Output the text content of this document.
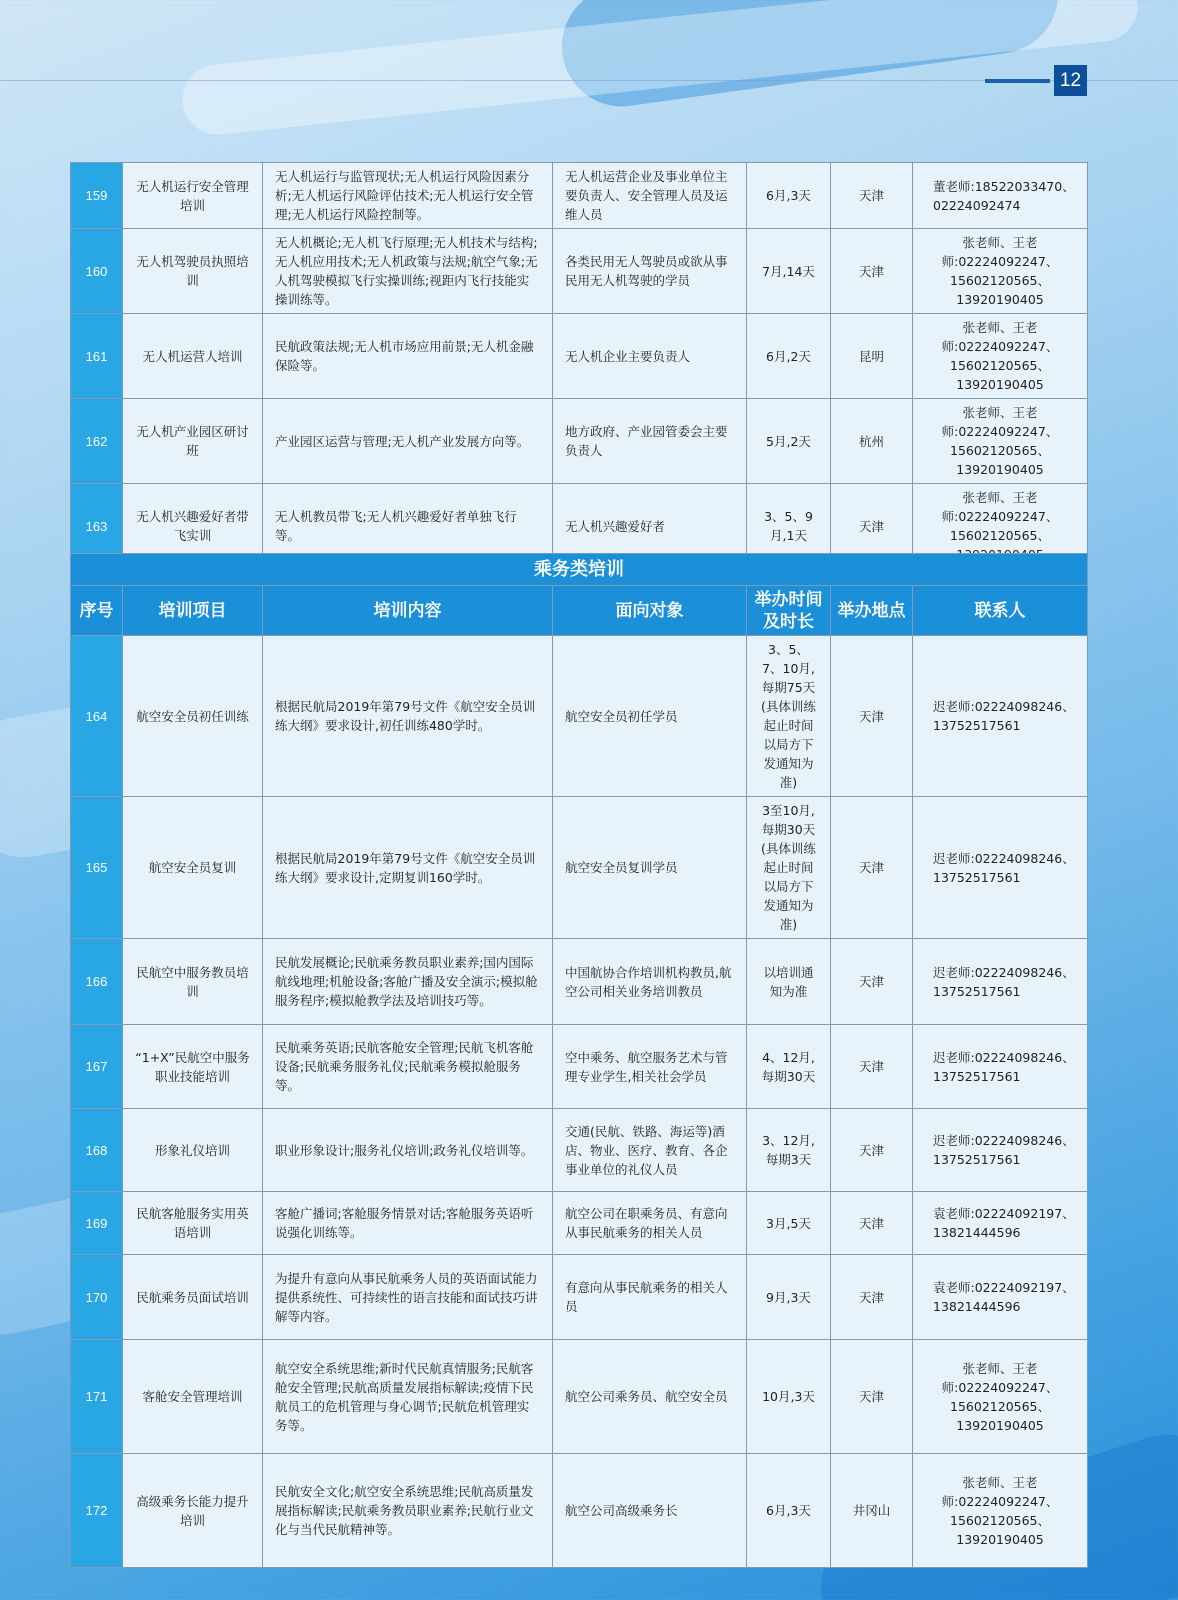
12
159	无人机运行安全管理培训	无人机运行与监管现状;无人机运行风险因素分析;无人机运行风险评估技术;无人机运行安全管理;无人机运行风险控制等。	无人机运营企业及事业单位主要负责人、安全管理人员及运维人员	6月,3天	天津	董老师:18522033470、02224092474
160	无人机驾驶员执照培训	无人机概论;无人机飞行原理;无人机技术与结构;无人机应用技术;无人机政策与法规;航空气象;无人机驾驶模拟飞行实操训练;视距内飞行技能实操训练等。	各类民用无人驾驶员或欲从事民用无人机驾驶的学员	7月,14天	天津	张老师、王老师:02224092247、15602120565、13920190405
161	无人机运营人培训	民航政策法规;无人机市场应用前景;无人机金融保险等。	无人机企业主要负责人	6月,2天	昆明	张老师、王老师:02224092247、15602120565、13920190405
162	无人机产业园区研讨班	产业园区运营与管理;无人机产业发展方向等。	地方政府、产业园管委会主要负责人	5月,2天	杭州	张老师、王老师:02224092247、15602120565、13920190405
163	无人机兴趣爱好者带飞实训	无人机教员带飞;无人机兴趣爱好者单独飞行等。	无人机兴趣爱好者	3、5、9月,1天	天津	张老师、王老师:02224092247、15602120565、
乘务类培训						
序号	培训项目	培训内容	面向对象	举办时间及时长	举办地点	联系人
164	航空安全员初任训练	根据民航局2019年第79号文件《航空安全员训练大纲》要求设计,初任训练480学时。	航空安全员初任学员	3、5、7、10月,每期75天(具体训练起止时间以局方下发通知为准)	天津	迟老师:02224098246、13752517561
165	航空安全员复训	根据民航局2019年第79号文件《航空安全员训练大纲》要求设计,定期复训160学时。	航空安全员复训学员	3至10月,每期30天(具体训练起止时间以局方下发通知为准)	天津	迟老师:02224098246、13752517561
166	民航空中服务教员培训	民航发展概论;民航乘务教员职业素养;国内国际航线地理;机舱设备;客舱广播及安全演示;模拟舱服务程序;模拟舱教学法及培训技巧等。	中国航协合作培训机构教员,航空公司相关业务培训教员	以培训通知为准	天津	迟老师:02224098246、13752517561
167	“1+X”民航空中服务职业技能培训	民航乘务英语;民航客舱安全管理;民航飞机客舱设备;民航乘务服务礼仪;民航乘务模拟舱服务等。	空中乘务、航空服务艺术与管理专业学生,相关社会学员	4、12月,每期30天	天津	迟老师:02224098246、13752517561
168	形象礼仪培训	职业形象设计;服务礼仪培训;政务礼仪培训等。	交通(民航、铁路、海运等)酒店、物业、医疗、教育、各企事业单位的礼仪人员	3、12月,每期3天	天津	迟老师:02224098246、13752517561
169	民航客舱服务实用英语培训	客舱广播词;客舱服务情景对话;客舱服务英语听说强化训练等。	航空公司在职乘务员、有意向从事民航乘务的相关人员	3月,5天	天津	袁老师:02224092197、13821444596
170	民航乘务员面试培训	为提升有意向从事民航乘务人员的英语面试能力提供系统性、可持续性的语言技能和面试技巧讲解等内容。	有意向从事民航乘务的相关人员	9月,3天	天津	袁老师:02224092197、13821444596
171	客舱安全管理培训	航空安全系统思维;新时代民航真情服务;民航客舱安全管理;民航高质量发展指标解读;疫情下民航员工的危机管理与身心调节;民航危机管理实务等。	航空公司乘务员、航空安全员	10月,3天	天津	张老师、王老师:02224092247、15602120565、13920190405
172	高级乘务长能力提升培训	民航安全文化;航空安全系统思维;民航高质量发展指标解读;民航乘务教员职业素养;民航行业文化与当代民航精神等。	航空公司高级乘务长	6月,3天	井冈山	张老师、王老师:02224092247、15602120565、13920190405
